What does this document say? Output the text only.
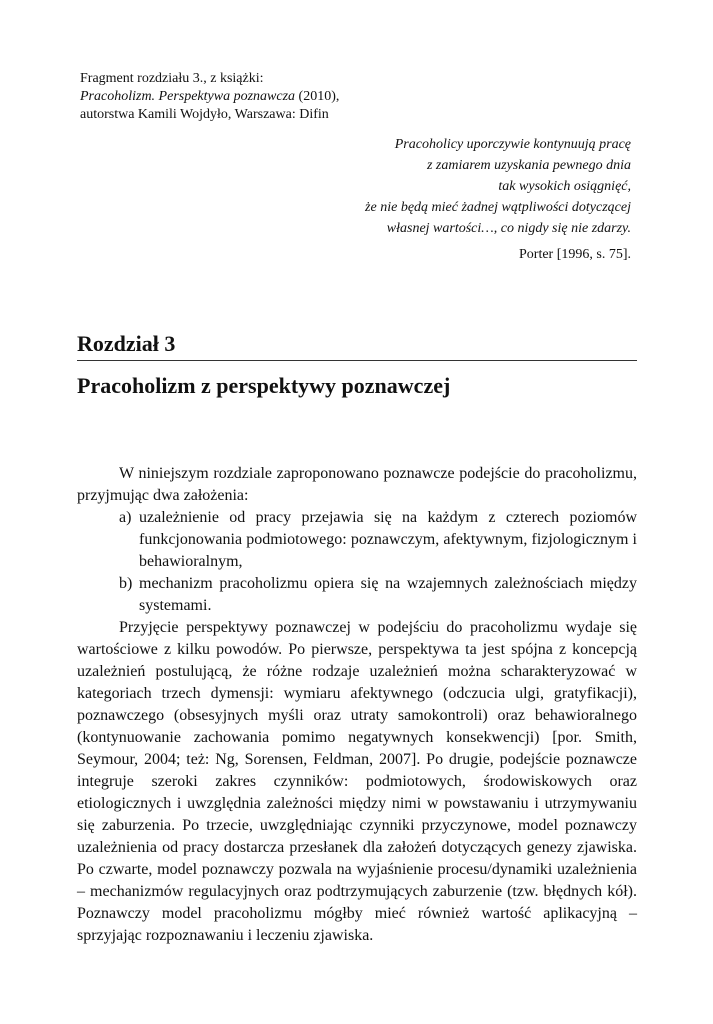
Fragment rozdziału 3., z książki:
Pracoholizm. Perspektywa poznawcza (2010),
autorstwa Kamili Wojdyło, Warszawa: Difin
Pracoholicy uporczywie kontynuują pracę
z zamiarem uzyskania pewnego dnia
tak wysokich osiągnięć,
że nie będą mieć żadnej wątpliwości dotyczącej
własnej wartości…, co nigdy się nie zdarzy.
Porter [1996, s. 75].
Rozdział 3
Pracoholizm z perspektywy poznawczej

W niniejszym rozdziale zaproponowano poznawcze podejście do pracoholizmu, przyjmując dwa założenia:

a) uzależnienie od pracy przejawia się na każdym z czterech poziomów funkcjonowania podmiotowego: poznawczym, afektywnym, fizjologicznym i behawioralnym,
b) mechanizm pracoholizmu opiera się na wzajemnych zależnościach między systemami.

Przyjęcie perspektywy poznawczej w podejściu do pracoholizmu wydaje się wartościowe z kilku powodów. Po pierwsze, perspektywa ta jest spójna z koncepcją uzależnień postulującą, że różne rodzaje uzależnień można scharakteryzować w kategoriach trzech dymensji: wymiaru afektywnego (odczucia ulgi, gratyfikacji), poznawczego (obsesyjnych myśli oraz utraty samokontroli) oraz behawioralnego (kontynuowanie zachowania pomimo negatywnych konsekwencji) [por. Smith, Seymour, 2004; też: Ng, Sorensen, Feldman, 2007]. Po drugie, podejście poznawcze integruje szeroki zakres czynników: podmiotowych, środowiskowych oraz etiologicznych i uwzględnia zależności między nimi w powstawaniu i utrzymywaniu się zaburzenia. Po trzecie, uwzględniając czynniki przyczynowe, model poznawczy uzależnienia od pracy dostarcza przesłanek dla założeń dotyczących genezy zjawiska. Po czwarte, model poznawczy pozwala na wyjaśnienie procesu/dynamiki uzależnienia – mechanizmów regulacyjnych oraz podtrzymujących zaburzenie (tzw. błędnych kół). Poznawczy model pracoholizmu mógłby mieć również wartość aplikacyjną – sprzyjając rozpoznawaniu i leczeniu zjawiska.
